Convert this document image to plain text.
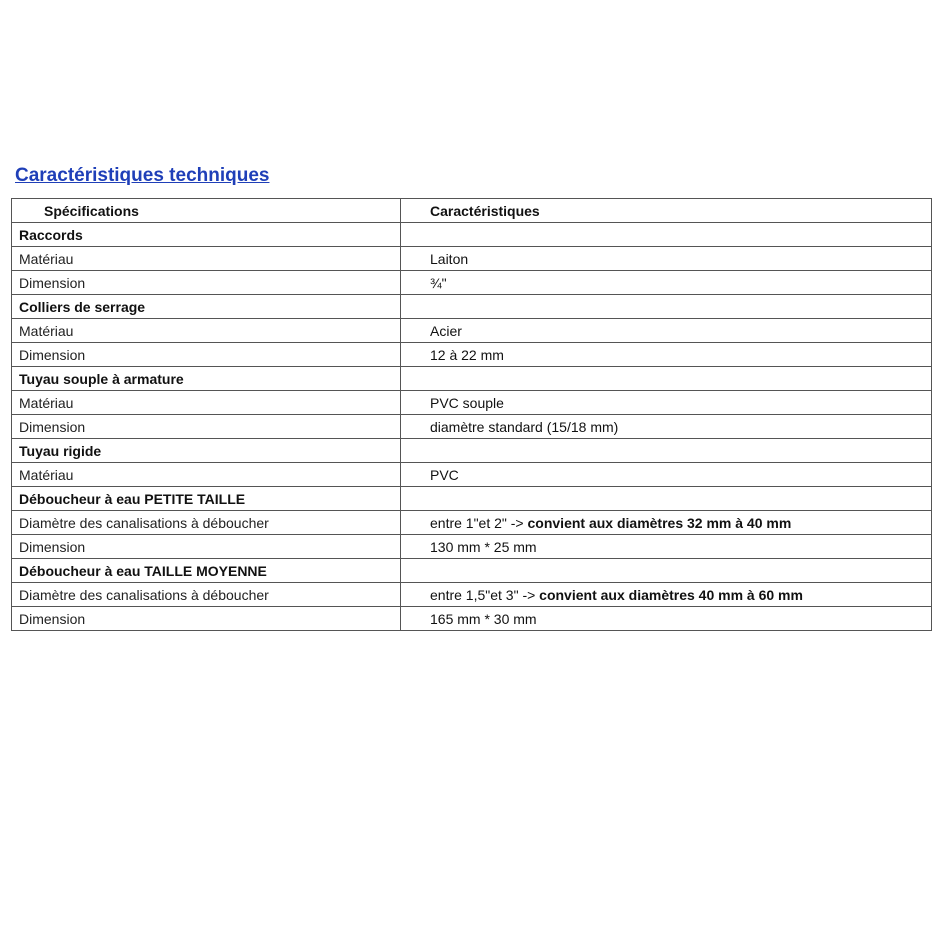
Caractéristiques techniques
Spécifications	Caractéristiques
Raccords	
Matériau	Laiton
Dimension	¾"
Colliers de serrage	
Matériau	Acier
Dimension	12 à 22 mm
Tuyau souple à armature	
Matériau	PVC souple
Dimension	diamètre standard (15/18 mm)
Tuyau rigide	
Matériau	PVC
Déboucheur à eau PETITE TAILLE	
Diamètre des canalisations à déboucher	entre 1"et 2" -> convient aux diamètres 32 mm à 40 mm
Dimension	130 mm * 25 mm
Déboucheur à eau TAILLE MOYENNE	
Diamètre des canalisations à déboucher	entre 1,5"et 3" -> convient aux diamètres 40 mm à 60 mm
Dimension	165 mm * 30 mm
